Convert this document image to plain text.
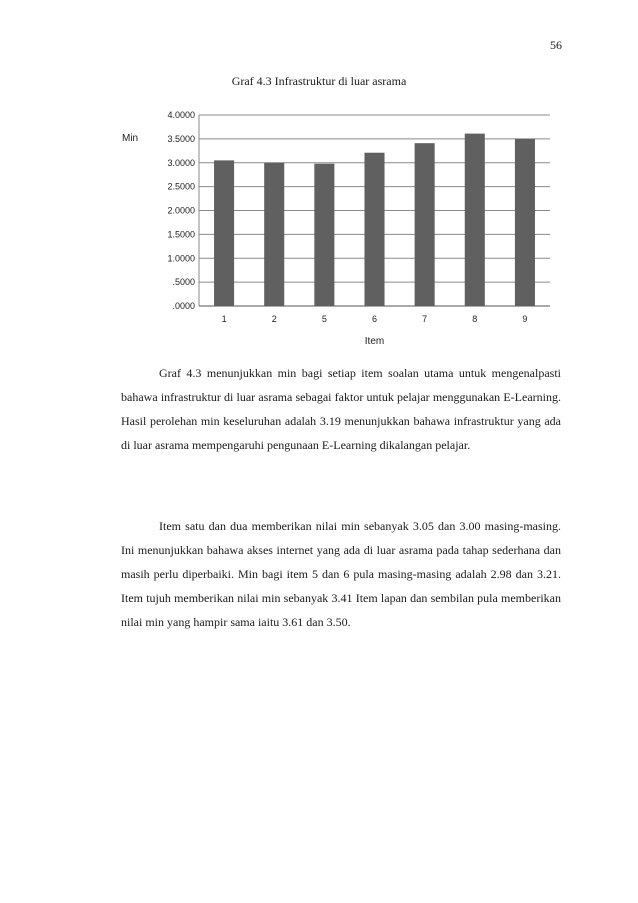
56
Graf 4.3 Infrastruktur di luar asrama
.0000
.5000
1.0000
1.5000
2.0000
2.5000
3.0000
3.5000
4.0000
1	2	5	6	7	8	9
Min
Item

Graf 4.3 menunjukkan min bagi setiap item soalan utama untuk mengenalpasti bahawa infrastruktur di luar asrama sebagai faktor untuk pelajar menggunakan E-Learning. Hasil perolehan min keseluruhan adalah 3.19 menunjukkan bahawa infrastruktur yang ada di luar asrama mempengaruhi pengunaan E-Learning dikalangan pelajar.

Item satu dan dua memberikan nilai min sebanyak 3.05 dan 3.00 masing-masing. Ini menunjukkan bahawa akses internet yang ada di luar asrama pada tahap sederhana dan masih perlu diperbaiki. Min bagi item 5 dan 6 pula masing-masing adalah 2.98 dan 3.21. Item tujuh memberikan nilai min sebanyak 3.41 Item lapan dan sembilan pula memberikan nilai min yang hampir sama iaitu 3.61 dan 3.50.
